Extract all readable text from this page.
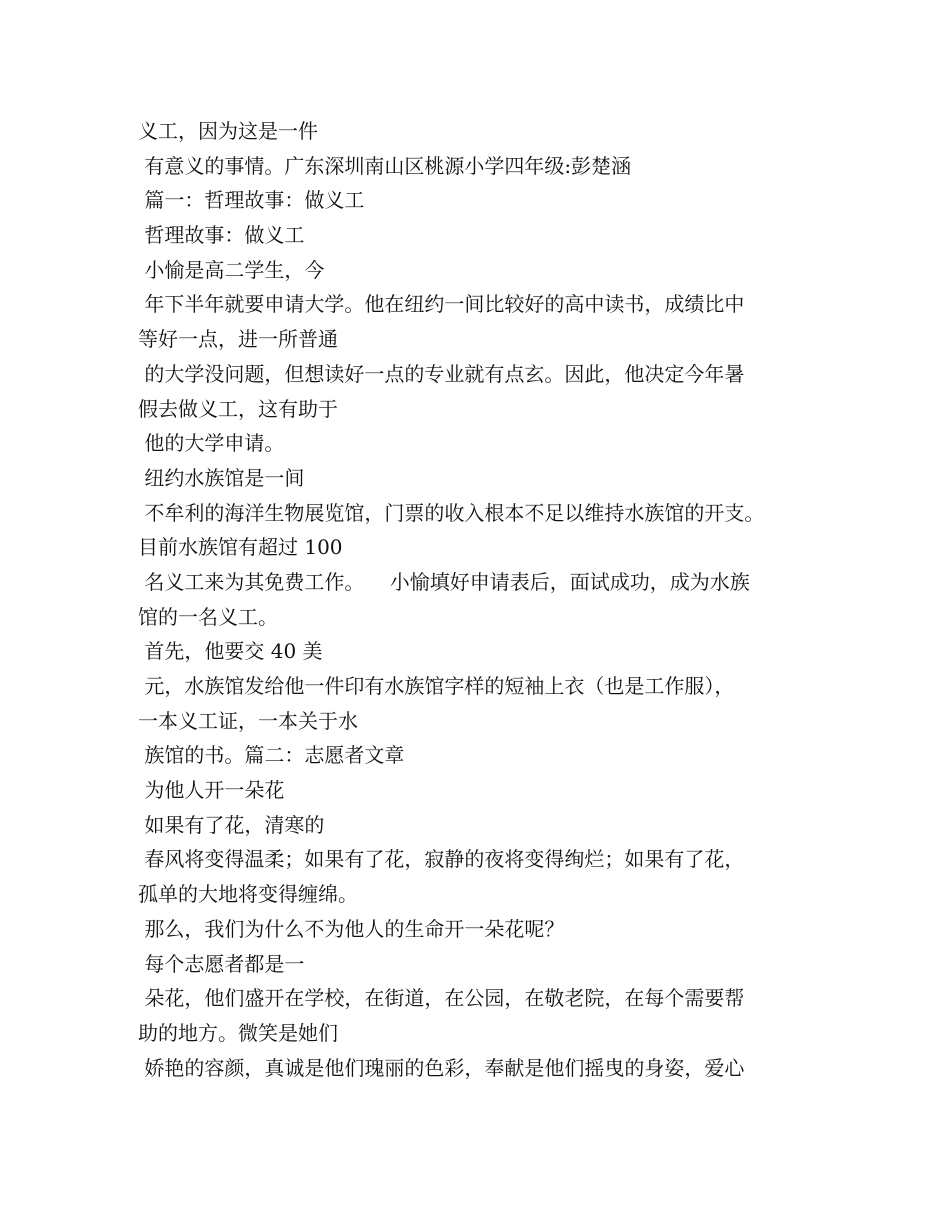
义工，因为这是一件
有意义的事情。广东深圳南山区桃源小学四年级:彭楚涵
篇一：哲理故事：做义工
哲理故事：做义工
小愉是高二学生，今
年下半年就要申请大学。他在纽约一间比较好的高中读书，成绩比中
等好一点，进一所普通
的大学没问题，但想读好一点的专业就有点玄。因此，他决定今年暑
假去做义工，这有助于
他的大学申请。
纽约水族馆是一间
不牟利的海洋生物展览馆，门票的收入根本不足以维持水族馆的开支。
目前水族馆有超过 100
名义工来为其免费工作。    小愉填好申请表后，面试成功，成为水族
馆的一名义工。
首先，他要交 40 美
元，水族馆发给他一件印有水族馆字样的短袖上衣（也是工作服），
一本义工证，一本关于水
族馆的书。篇二：志愿者文章
为他人开一朵花
如果有了花，清寒的
春风将变得温柔；如果有了花，寂静的夜将变得绚烂；如果有了花，
孤单的大地将变得缠绵。
那么，我们为什么不为他人的生命开一朵花呢？
每个志愿者都是一
朵花，他们盛开在学校，在街道，在公园，在敬老院，在每个需要帮
助的地方。微笑是她们
娇艳的容颜，真诚是他们瑰丽的色彩，奉献是他们摇曳的身姿，爱心
